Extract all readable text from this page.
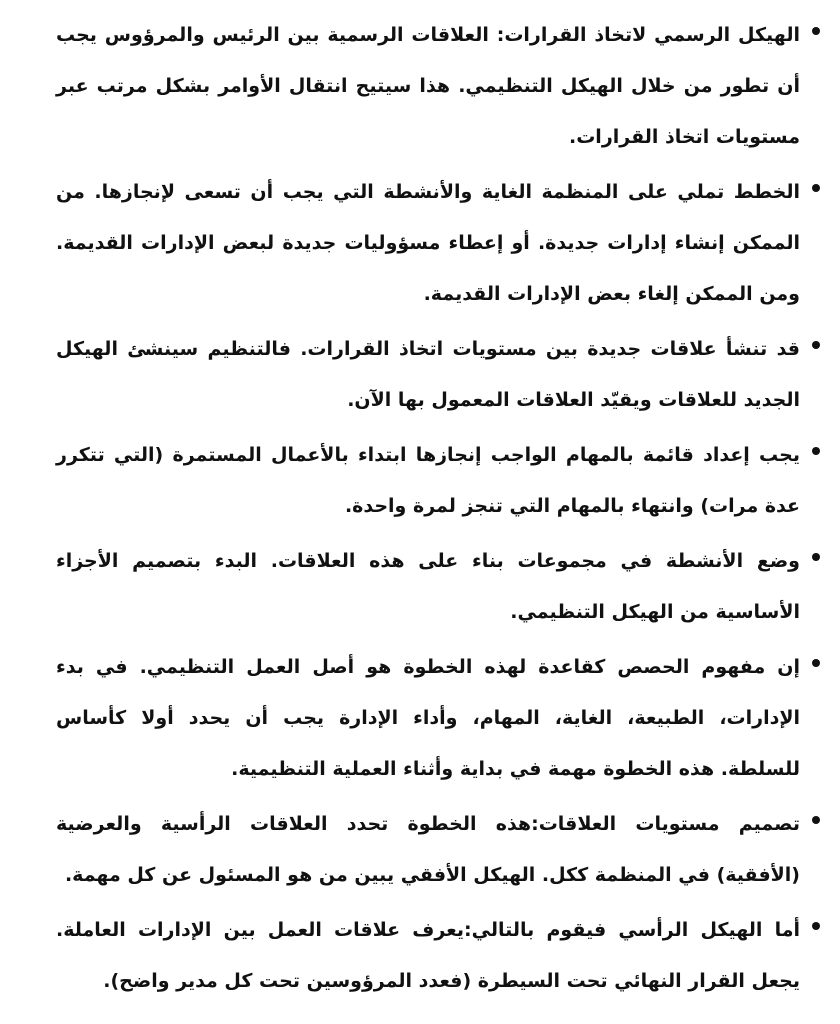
الهيكل الرسمي لاتخاذ القرارات: العلاقات الرسمية بين الرئيس والمرؤوس يجب أن تطور من خلال الهيكل التنظيمي. هذا سيتيح انتقال الأوامر بشكل مرتب عبر مستويات اتخاذ القرارات.
الخطط تملي على المنظمة الغاية والأنشطة التي يجب أن تسعى لإنجازها. من الممكن إنشاء إدارات جديدة. أو إعطاء مسؤوليات جديدة لبعض الإدارات القديمة. ومن الممكن إلغاء بعض الإدارات القديمة.
قد تنشأ علاقات جديدة بين مستويات اتخاذ القرارات. فالتنظيم سينشئ الهيكل الجديد للعلاقات ويقيّد العلاقات المعمول بها الآن.
يجب إعداد قائمة بالمهام الواجب إنجازها ابتداء بالأعمال المستمرة (التي تتكرر عدة مرات) وانتهاء بالمهام التي تنجز لمرة واحدة.
وضع الأنشطة في مجموعات بناء على هذه العلاقات. البدء بتصميم الأجزاء الأساسية من الهيكل التنظيمي.
إن مفهوم الحصص كقاعدة لهذه الخطوة هو أصل العمل التنظيمي. في بدء الإدارات، الطبيعة، الغاية، المهام، وأداء الإدارة يجب أن يحدد أولا كأساس للسلطة. هذه الخطوة مهمة في بداية وأثناء العملية التنظيمية.
تصميم مستويات العلاقات:هذه الخطوة تحدد العلاقات الرأسية والعرضية (الأفقية) في المنظمة ككل. الهيكل الأفقي يبين من هو المسئول عن كل مهمة.
أما الهيكل الرأسي فيقوم بالتالي:يعرف علاقات العمل بين الإدارات العاملة. يجعل القرار النهائي تحت السيطرة (فعدد المرؤوسين تحت كل مدير واضح).
